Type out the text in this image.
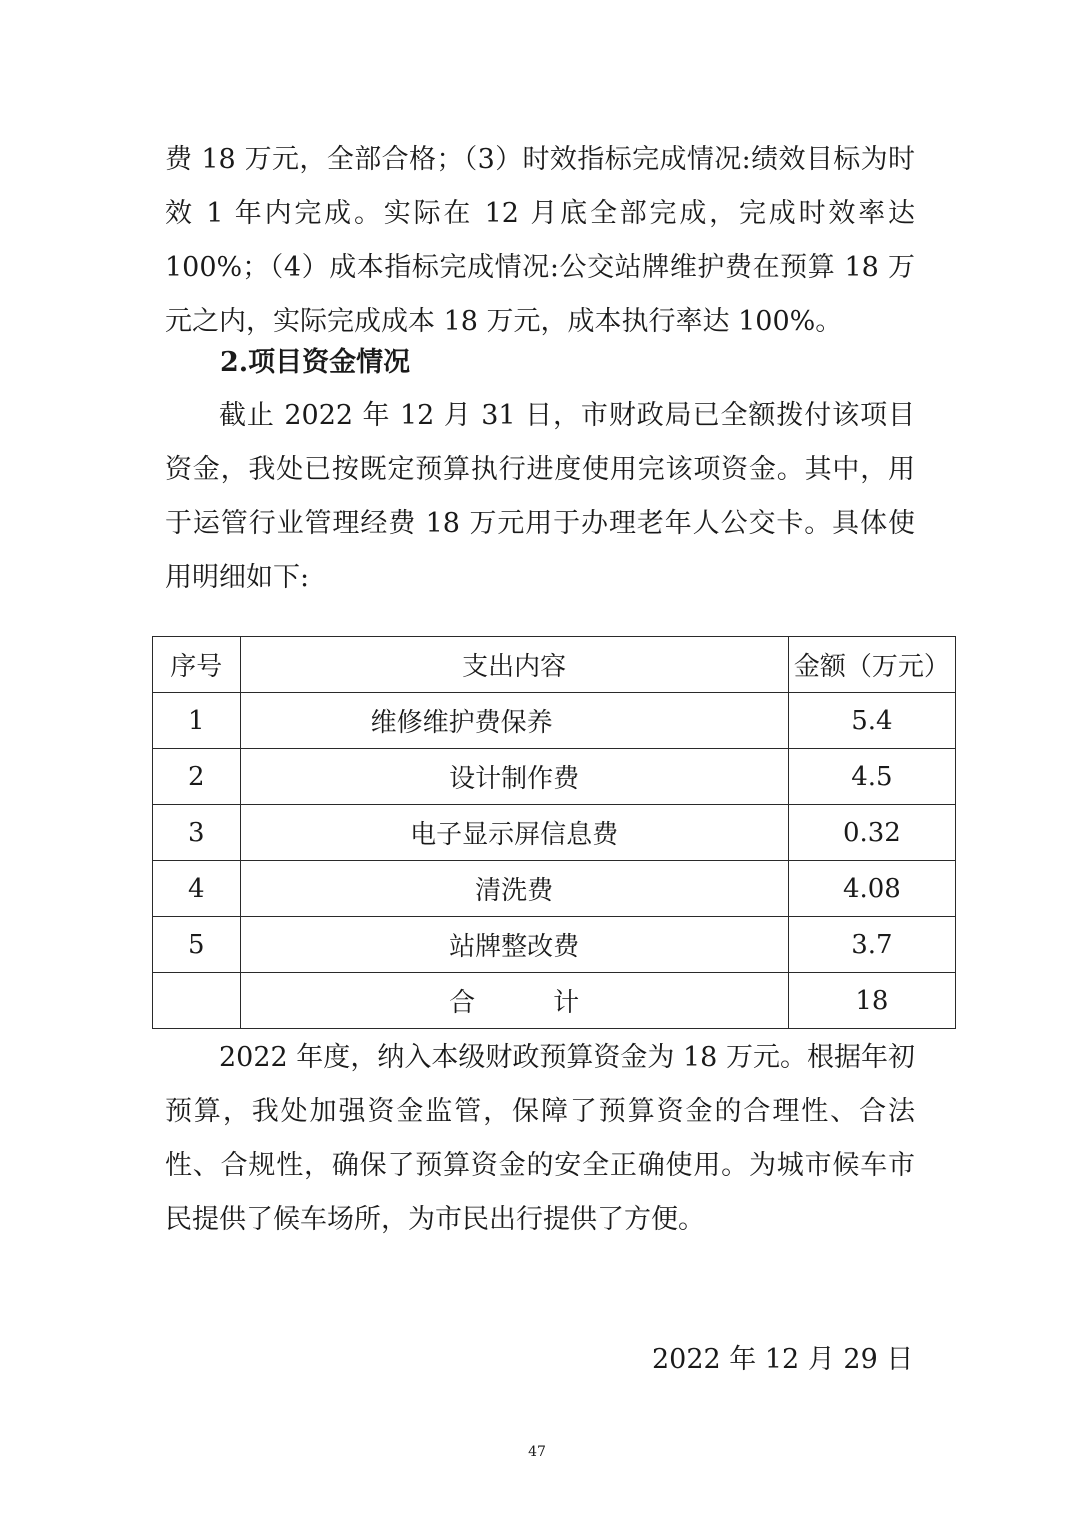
费 18 万元，全部合格；（3）时效指标完成情况:绩效目标为时效 1 年内完成。实际在 12 月底全部完成，完成时效率达100%；（4）成本指标完成情况:公交站牌维护费在预算 18 万元之内，实际完成成本 18 万元，成本执行率达 100%。

2.项目资金情况

截止 2022 年 12 月 31 日，市财政局已全额拨付该项目资金，我处已按既定预算执行进度使用完该项资金。其中，用于运管行业管理经费 18 万元用于办理老年人公交卡。具体使用明细如下:

序号	支出内容	金额（万元）
1	维修维护费保养	5.4
2	设计制作费	4.5
3	电子显示屏信息费	0.32
4	清洗费	4.08
5	站牌整改费	3.7
	合 计	18

2022 年度，纳入本级财政预算资金为 18 万元。根据年初预算，我处加强资金监管，保障了预算资金的合理性、合法性、合规性，确保了预算资金的安全正确使用。为城市候车市民提供了候车场所，为市民出行提供了方便。

2022 年 12 月 29 日

47
